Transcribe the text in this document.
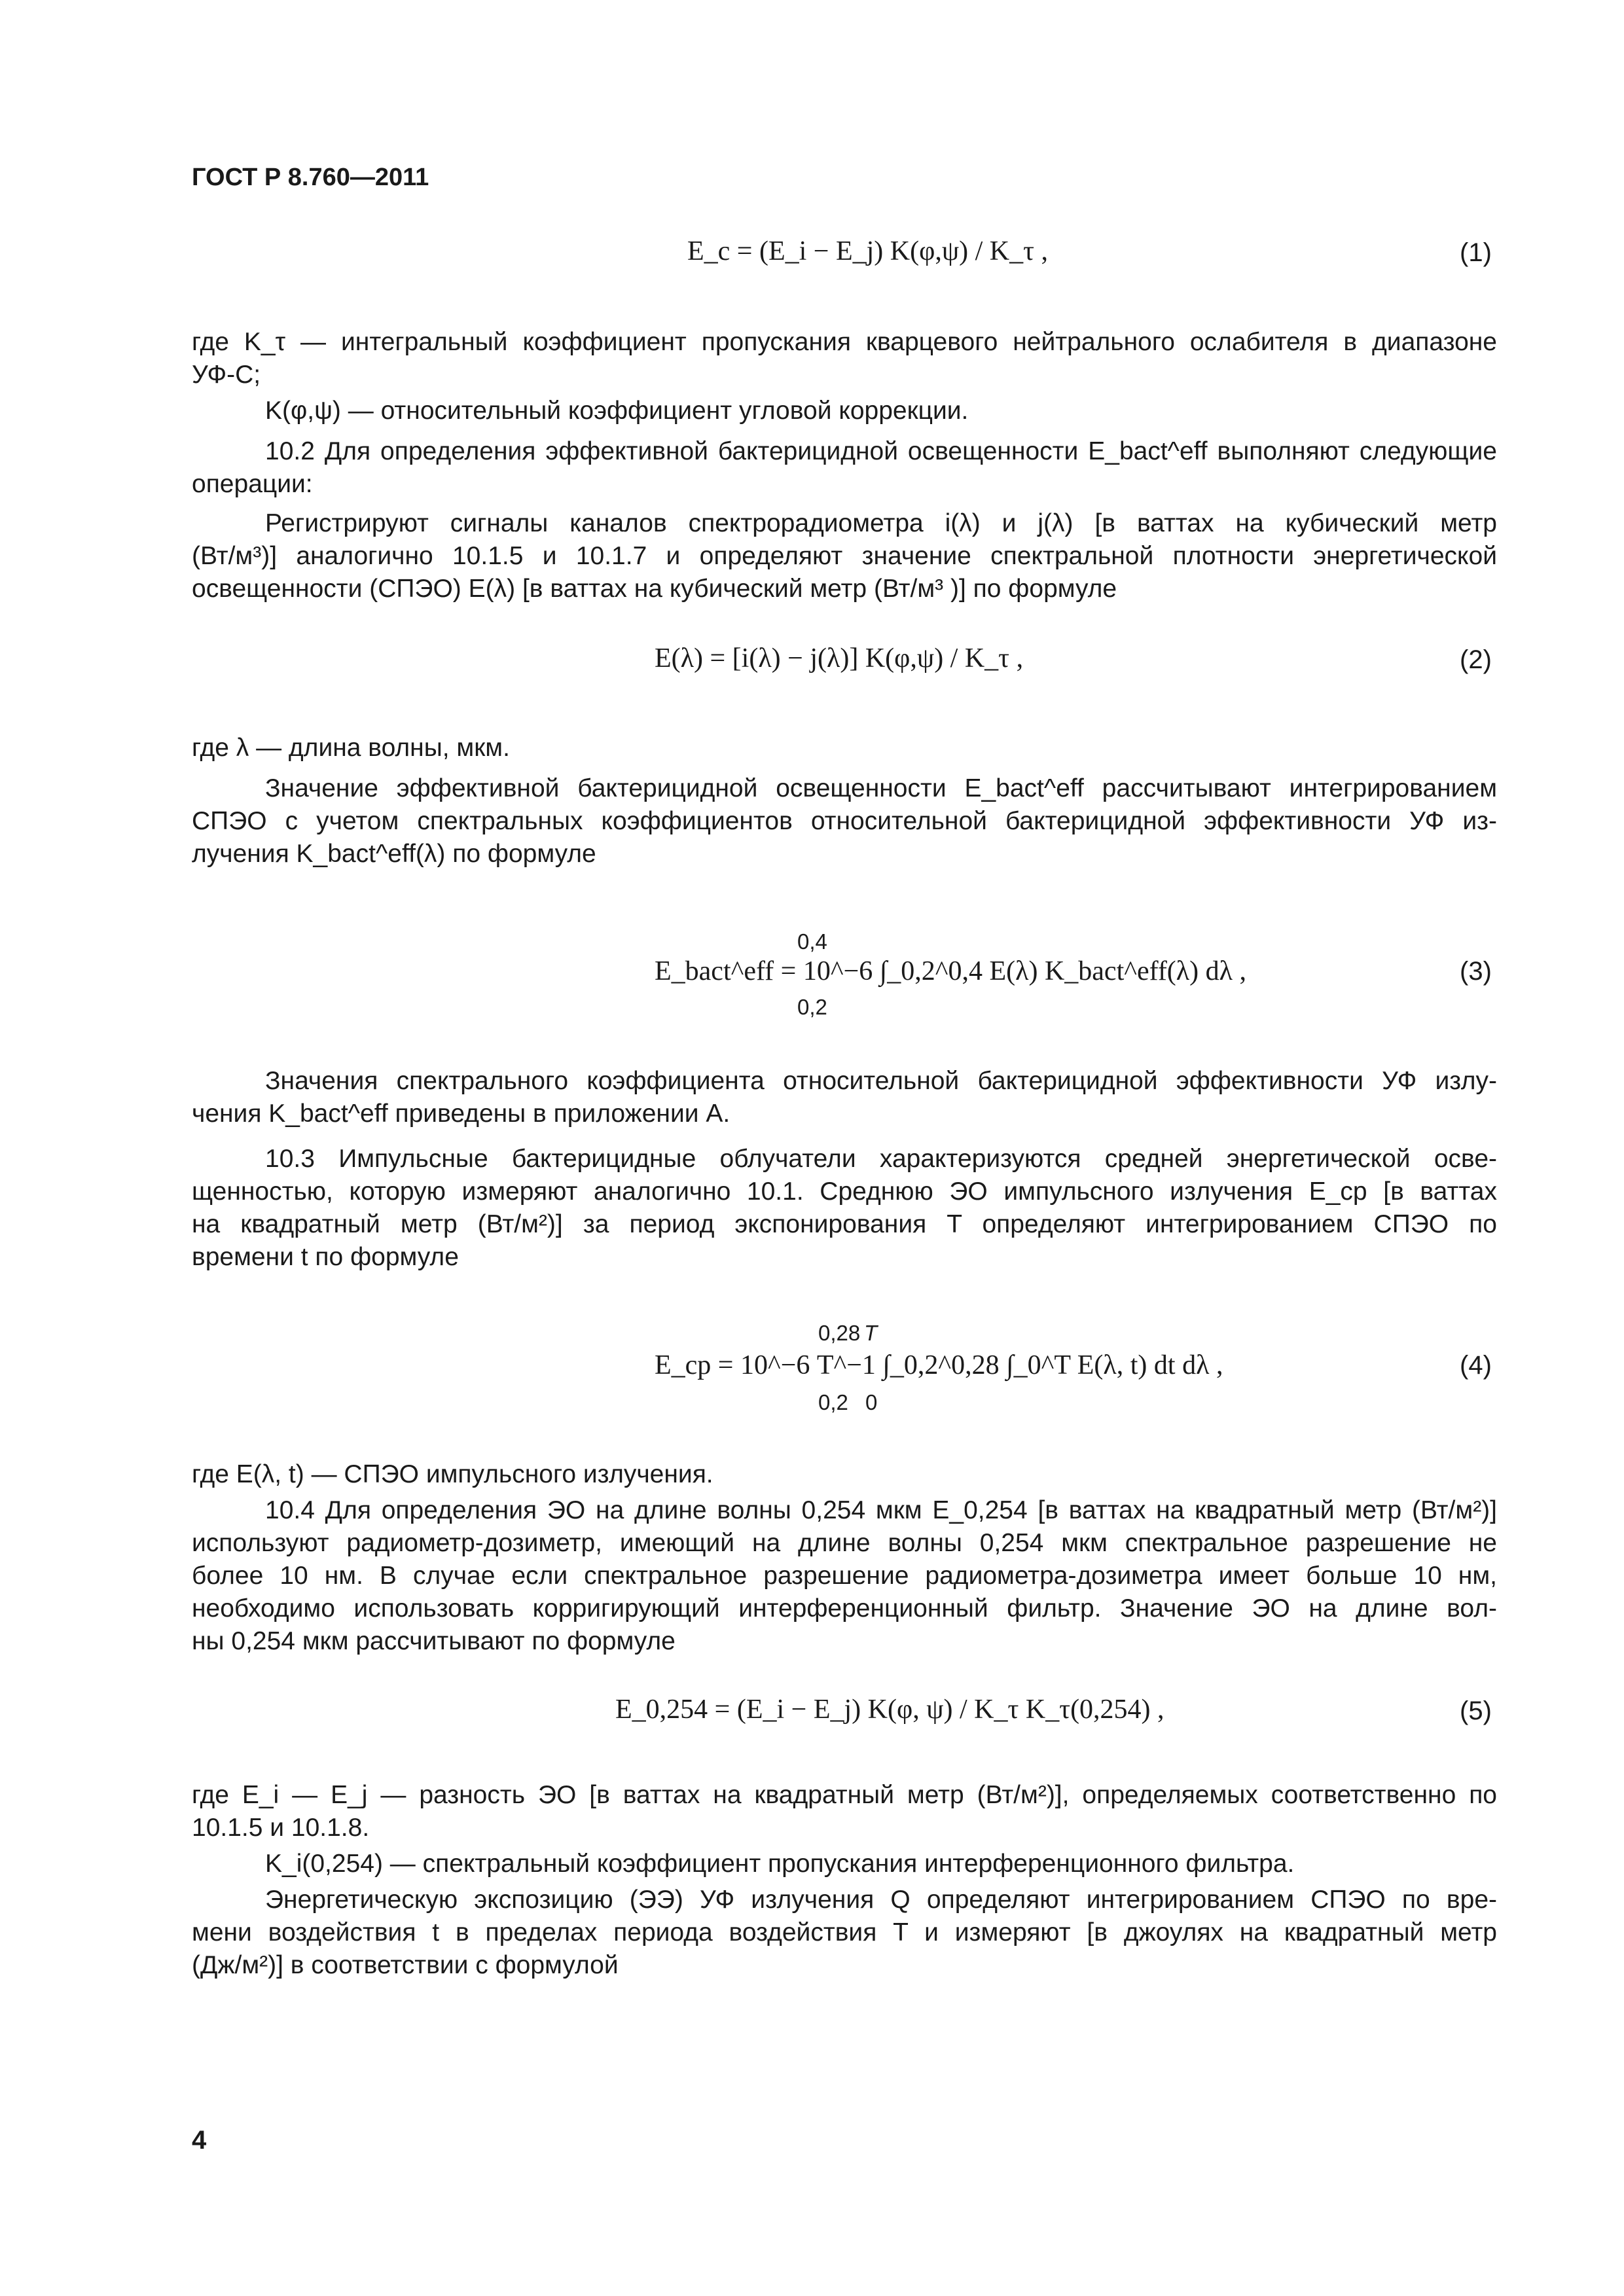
ГОСТ Р 8.760—2011
E_c = (E_i − E_j) K(φ,ψ) / K_τ ,	(1)
где K_τ — интегральный коэффициент пропускания кварцевого нейтрального ослабителя в диапазоне
УФ-С;
K(φ,ψ) — относительный коэффициент угловой коррекции.
10.2 Для определения эффективной бактерицидной освещенности E_bact^eff выполняют следующие
операции:
Регистрируют сигналы каналов спектрорадиометра i(λ) и j(λ) [в ваттах на кубический метр
(Вт/м³)] аналогично 10.1.5 и 10.1.7 и определяют значение спектральной плотности энергетической
освещенности (СПЭО) E(λ) [в ваттах на кубический метр (Вт/м³ )] по формуле
E(λ) = [i(λ) − j(λ)] K(φ,ψ) / K_τ ,	(2)
где λ — длина волны, мкм.
Значение эффективной бактерицидной освещенности E_bact^eff рассчитывают интегрированием
СПЭО с учетом спектральных коэффициентов относительной бактерицидной эффективности УФ из-
лучения K_bact^eff(λ) по формуле
0,4
E_bact^eff = 10^−6 ∫_0,2^0,4 E(λ) K_bact^eff(λ) dλ ,
0,2
(3)
Значения спектрального коэффициента относительной бактерицидной эффективности УФ излу-
чения K_bact^eff приведены в приложении А.
10.3 Импульсные бактерицидные облучатели характеризуются средней энергетической осве-
щенностью, которую измеряют аналогично 10.1. Среднюю ЭО импульсного излучения E_ср [в ваттах
на квадратный метр (Вт/м²)] за период экспонирования T определяют интегрированием СПЭО по
времени t по формуле
0,28 T
E_ср = 10^−6 T^−1 ∫_0,2^0,28 ∫_0^T E(λ, t) dt dλ ,
0,2 0
(4)
где E(λ, t) — СПЭО импульсного излучения.
10.4 Для определения ЭО на длине волны 0,254 мкм E_0,254 [в ваттах на квадратный метр (Вт/м²)]
используют радиометр-дозиметр, имеющий на длине волны 0,254 мкм спектральное разрешение не
более 10 нм. В случае если спектральное разрешение радиометра-дозиметра имеет больше 10 нм,
необходимо использовать корригирующий интерференционный фильтр. Значение ЭО на длине вол-
ны 0,254 мкм рассчитывают по формуле
E_0,254 = (E_i − E_j) K(φ, ψ) / K_τ K_τ(0,254) ,	(5)
где E_i — E_j — разность ЭО [в ваттах на квадратный метр (Вт/м²)], определяемых соответственно по
10.1.5 и 10.1.8.
K_i(0,254) — спектральный коэффициент пропускания интерференционного фильтра.
Энергетическую экспозицию (ЭЭ) УФ излучения Q определяют интегрированием СПЭО по вре-
мени воздействия t в пределах периода воздействия T и измеряют [в джоулях на квадратный метр
(Дж/м²)] в соответствии с формулой
4
